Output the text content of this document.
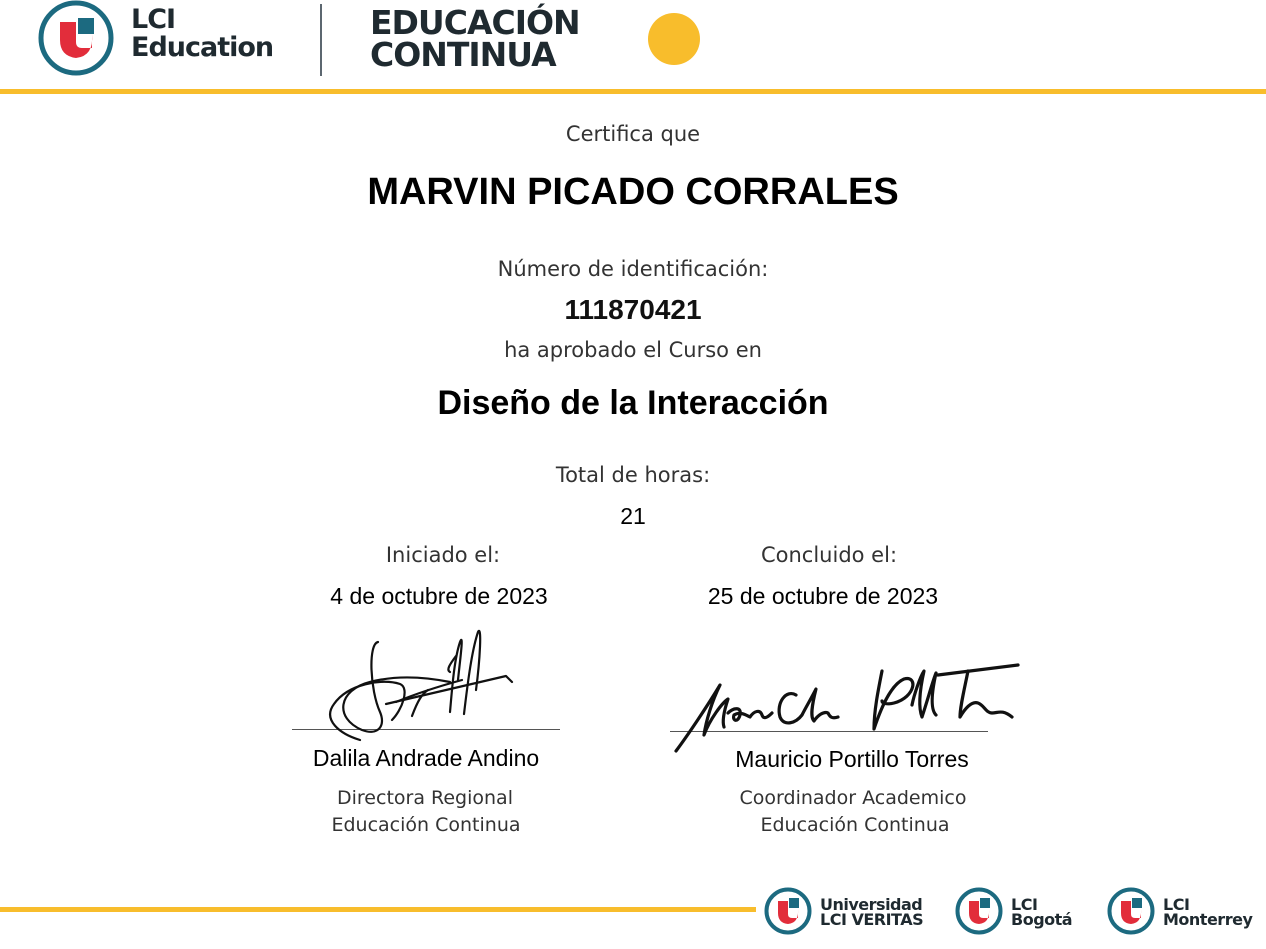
LCI
Education
EDUCACIÓN
CONTINUA
Certifica que
MARVIN PICADO CORRALES
Número de identificación:
111870421
ha aprobado el Curso en
Diseño de la Interacción
Total de horas:
21
Iniciado el:	Concluido el:
4 de octubre de 2023	25 de octubre de 2023
Dalila Andrade Andino	Mauricio Portillo Torres
Directora Regional
Educación Continua
Coordinador Academico
Educación Continua
Universidad
LCI VERITAS
LCI
Bogotá
LCI
Monterrey
